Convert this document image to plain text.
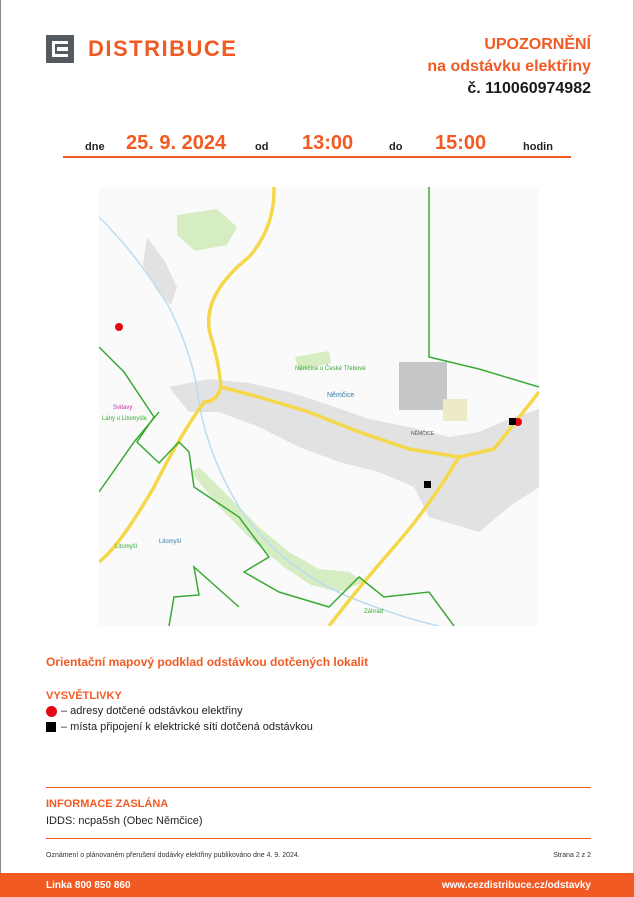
DISTRIBUCE	UPOZORNĚNÍ
na odstávku elektřiny
č. 110060974982
dne 25. 9. 2024	od 13:00	do 15:00	hodin
Němčice u České Třebové
Němčice
NĚMČICE
Svitavy
Lány u Litomyšle
Litomyšl
Litomyšl
Záhraď
Orientační mapový podklad odstávkou dotčených lokalit
VYSVĚTLIVKY
– adresy dotčené odstávkou elektřiny
– místa připojení k elektrické síti dotčená odstávkou
INFORMACE ZASLÁNA
IDDS: ncpa5sh (Obec Němčice)
Oznámení o plánovaném přerušení dodávky elektřiny publikováno dne 4. 9. 2024.	Strana 2 z 2
Linka 800 850 860	www.cezdistribuce.cz/odstavky
